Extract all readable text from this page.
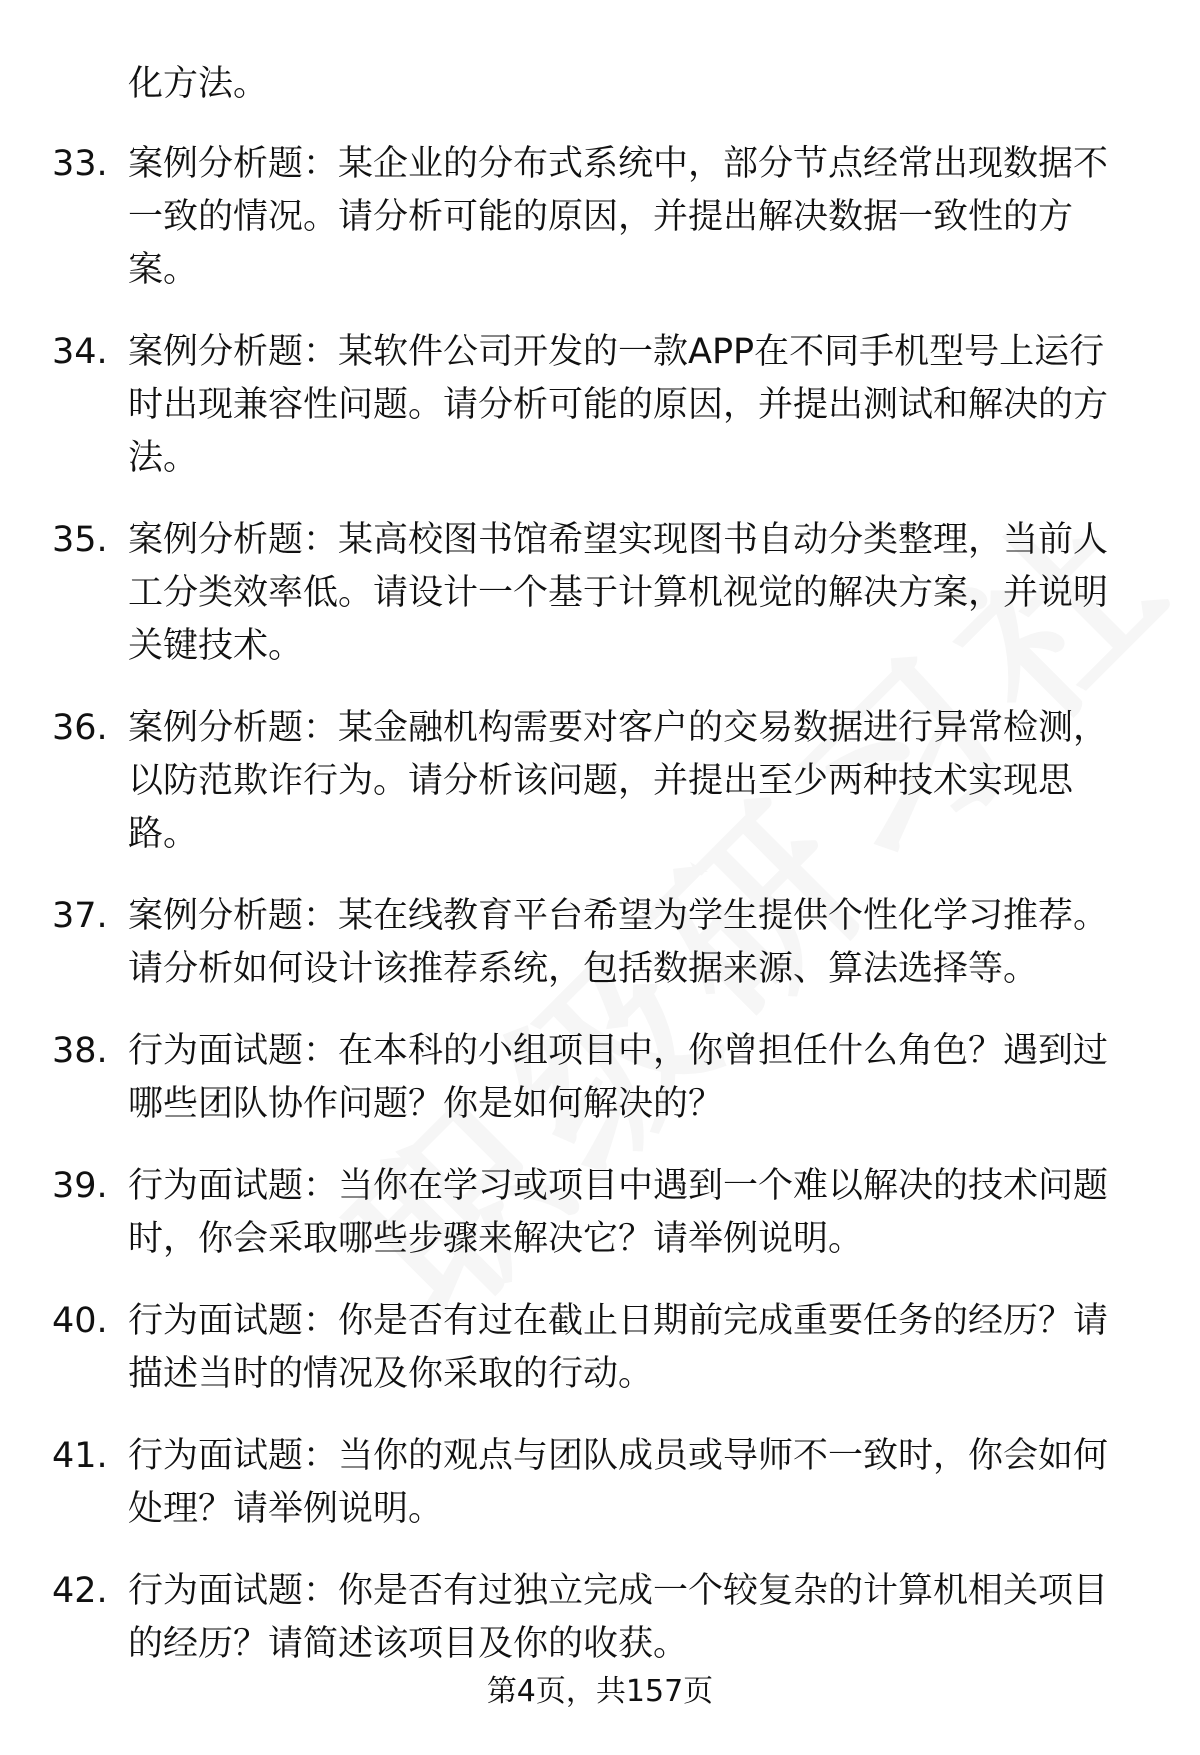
化方法。
33. 案例分析题：某企业的分布式系统中，部分节点经常出现数据不
一致的情况。请分析可能的原因，并提出解决数据一致性的方
案。
34. 案例分析题：某软件公司开发的一款APP在不同手机型号上运行
时出现兼容性问题。请分析可能的原因，并提出测试和解决的方
法。
35. 案例分析题：某高校图书馆希望实现图书自动分类整理，当前人
工分类效率低。请设计一个基于计算机视觉的解决方案，并说明
关键技术。
36. 案例分析题：某金融机构需要对客户的交易数据进行异常检测，
以防范欺诈行为。请分析该问题，并提出至少两种技术实现思
路。
37. 案例分析题：某在线教育平台希望为学生提供个性化学习推荐。
请分析如何设计该推荐系统，包括数据来源、算法选择等。
38. 行为面试题：在本科的小组项目中，你曾担任什么角色？遇到过
哪些团队协作问题？你是如何解决的？
39. 行为面试题：当你在学习或项目中遇到一个难以解决的技术问题
时，你会采取哪些步骤来解决它？请举例说明。
40. 行为面试题：你是否有过在截止日期前完成重要任务的经历？请
描述当时的情况及你采取的行动。
41. 行为面试题：当你的观点与团队成员或导师不一致时，你会如何
处理？请举例说明。
42. 行为面试题：你是否有过独立完成一个较复杂的计算机相关项目
的经历？请简述该项目及你的收获。
第4页，共157页
